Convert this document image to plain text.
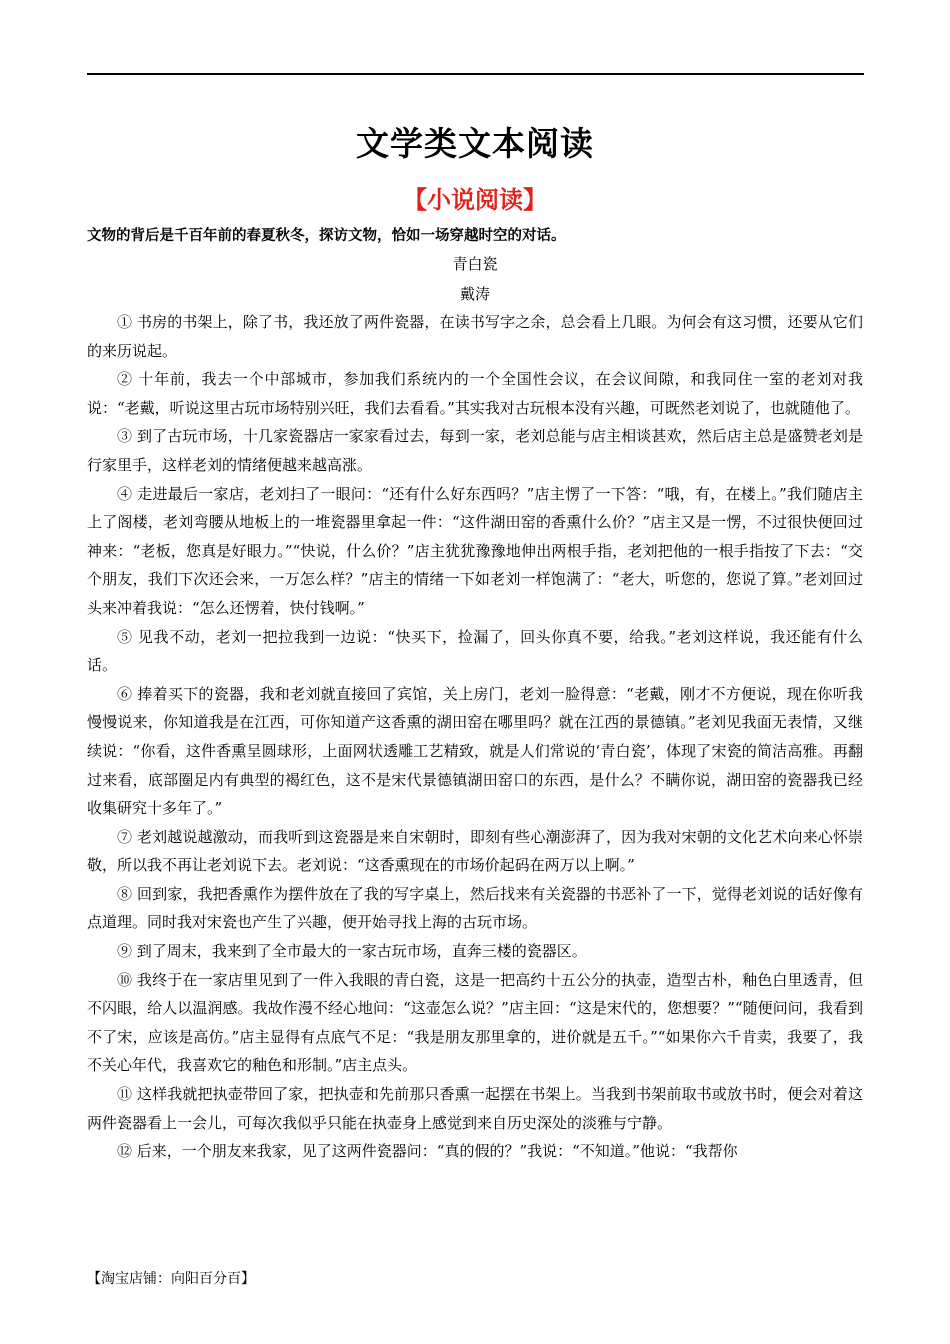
文学类文本阅读
【小说阅读】
文物的背后是千百年前的春夏秋冬，探访文物，恰如一场穿越时空的对话。
青白瓷
戴涛

① 书房的书架上，除了书，我还放了两件瓷器，在读书写字之余，总会看上几眼。为何会有这习惯，还要从它们的来历说起。

② 十年前，我去一个中部城市，参加我们系统内的一个全国性会议，在会议间隙，和我同住一室的老刘对我说：“老戴，听说这里古玩市场特别兴旺，我们去看看。”其实我对古玩根本没有兴趣，可既然老刘说了，也就随他了。

③ 到了古玩市场，十几家瓷器店一家家看过去，每到一家，老刘总能与店主相谈甚欢，然后店主总是盛赞老刘是行家里手，这样老刘的情绪便越来越高涨。

④ 走进最后一家店，老刘扫了一眼问：“还有什么好东西吗？”店主愣了一下答：“哦，有，在楼上。”我们随店主上了阁楼，老刘弯腰从地板上的一堆瓷器里拿起一件：“这件湖田窑的香熏什么价？”店主又是一愣，不过很快便回过神来：“老板，您真是好眼力。”“快说，什么价？”店主犹犹豫豫地伸出两根手指，老刘把他的一根手指按了下去：“交个朋友，我们下次还会来，一万怎么样？”店主的情绪一下如老刘一样饱满了：“老大，听您的，您说了算。”老刘回过头来冲着我说：“怎么还愣着，快付钱啊。”

⑤ 见我不动，老刘一把拉我到一边说：“快买下，捡漏了，回头你真不要，给我。”老刘这样说，我还能有什么话。

⑥ 捧着买下的瓷器，我和老刘就直接回了宾馆，关上房门，老刘一脸得意：“老戴，刚才不方便说，现在你听我慢慢说来，你知道我是在江西，可你知道产这香熏的湖田窑在哪里吗？就在江西的景德镇。”老刘见我面无表情，又继续说：“你看，这件香熏呈圆球形，上面网状透雕工艺精致，就是人们常说的‘青白瓷’，体现了宋瓷的简洁高雅。再翻过来看，底部圈足内有典型的褐红色，这不是宋代景德镇湖田窑口的东西，是什么？不瞒你说，湖田窑的瓷器我已经收集研究十多年了。”

⑦ 老刘越说越激动，而我听到这瓷器是来自宋朝时，即刻有些心潮澎湃了，因为我对宋朝的文化艺术向来心怀崇敬，所以我不再让老刘说下去。老刘说：“这香熏现在的市场价起码在两万以上啊。”

⑧ 回到家，我把香熏作为摆件放在了我的写字桌上，然后找来有关瓷器的书恶补了一下，觉得老刘说的话好像有点道理。同时我对宋瓷也产生了兴趣，便开始寻找上海的古玩市场。

⑨ 到了周末，我来到了全市最大的一家古玩市场，直奔三楼的瓷器区。

⑩ 我终于在一家店里见到了一件入我眼的青白瓷，这是一把高约十五公分的执壶，造型古朴，釉色白里透青，但不闪眼，给人以温润感。我故作漫不经心地问：“这壶怎么说？”店主回：“这是宋代的，您想要？”“随便问问，我看到不了宋，应该是高仿。”店主显得有点底气不足：“我是朋友那里拿的，进价就是五千。”“如果你六千肯卖，我要了，我不关心年代，我喜欢它的釉色和形制。”店主点头。

⑪ 这样我就把执壶带回了家，把执壶和先前那只香熏一起摆在书架上。当我到书架前取书或放书时，便会对着这两件瓷器看上一会儿，可每次我似乎只能在执壶身上感觉到来自历史深处的淡雅与宁静。

⑫ 后来，一个朋友来我家，见了这两件瓷器问：“真的假的？”我说：“不知道。”他说：“我帮你

【淘宝店铺：向阳百分百】
